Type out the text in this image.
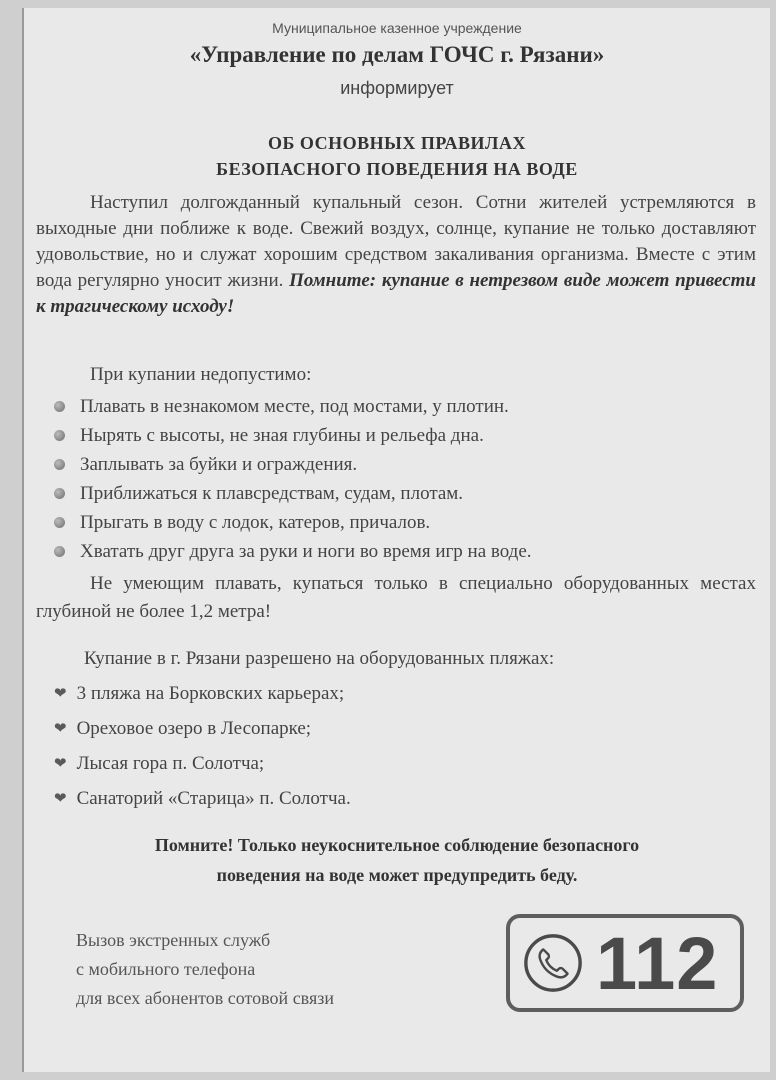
Муниципальное казенное учреждение
«Управление по делам ГОЧС г. Рязани»
информирует
ОБ ОСНОВНЫХ ПРАВИЛАХ
БЕЗОПАСНОГО ПОВЕДЕНИЯ НА ВОДЕ
Наступил долгожданный купальный сезон. Сотни жителей устремляются в выходные дни поближе к воде. Свежий воздух, солнце, купание не только доставляют удовольствие, но и служат хорошим средством закаливания организма. Вместе с этим вода регулярно уносит жизни. Помните: купание в нетрезвом виде может привести к трагическому исходу!
При купании недопустимо:
Плавать в незнакомом месте, под мостами, у плотин.
Нырять с высоты, не зная глубины и рельефа дна.
Заплывать за буйки и ограждения.
Приближаться к плавсредствам, судам, плотам.
Прыгать в воду с лодок, катеров, причалов.
Хватать друг друга за руки и ноги во время игр на воде.
Не умеющим плавать, купаться только в специально оборудованных местах глубиной не более 1,2 метра!
Купание в г. Рязани разрешено на оборудованных пляжах:
❤ 3 пляжа на Борковских карьерах;
❤ Ореховое озеро в Лесопарке;
❤ Лысая гора п. Солотча;
❤ Санаторий «Старица» п. Солотча.
Помните! Только неукоснительное соблюдение безопасного
поведения на воде может предупредить беду.
Вызов экстренных служб
с мобильного телефона
для всех абонентов сотовой связи	112
